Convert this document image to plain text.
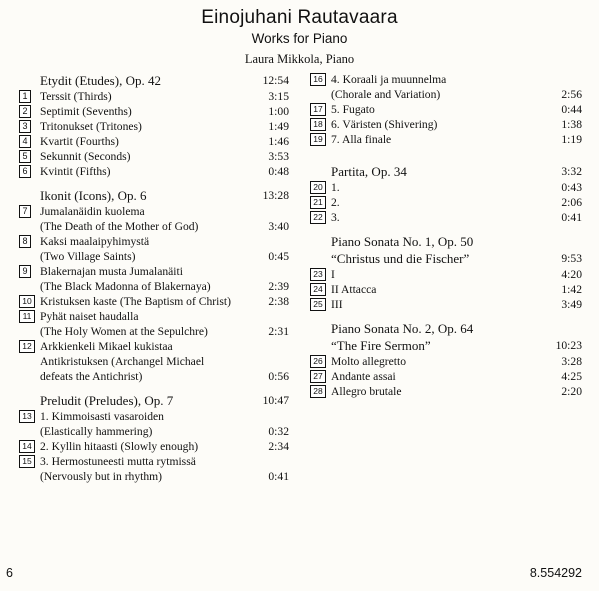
Einojuhani Rautavaara
Works for Piano
Laura Mikkola, Piano
Etydit (Etudes), Op. 42	12:54
1	Terssit (Thirds)	3:15
2	Septimit (Sevenths)	1:00
3	Tritonukset (Tritones)	1:49
4	Kvartit (Fourths)	1:46
5	Sekunnit (Seconds)	3:53
6	Kvintit (Fifths)	0:48
Ikonit (Icons), Op. 6	13:28
7	Jumalanäidin kuolema
(The Death of the Mother of God)	3:40
8	Kaksi maalaipyhimystä
(Two Village Saints)	0:45
9	Blakernajan musta Jumalanäiti
(The Black Madonna of Blakernaya)	2:39
10 Kristuksen kaste (The Baptism of Christ)	2:38
11 Pyhät naiset haudalla
(The Holy Women at the Sepulchre)	2:31
12 Arkkienkeli Mikael kukistaa
Antikristuksen (Archangel Michael
defeats the Antichrist)	0:56
Preludit (Preludes), Op. 7	10:47
13 1. Kimmoisasti vasaroiden
(Elastically hammering)	0:32
14 2. Kyllin hitaasti (Slowly enough)	2:34
15 3. Hermostuneesti mutta rytmissä
(Nervously but in rhythm)	0:41
16 4. Koraali ja muunnelma
(Chorale and Variation)	2:56
17 5. Fugato	0:44
18 6. Väristen (Shivering)	1:38
19 7. Alla finale	1:19
Partita, Op. 34	3:32
20 1.	0:43
21 2.	2:06
22 3.	0:41
Piano Sonata No. 1, Op. 50
“Christus und die Fischer”	9:53
23 I	4:20
24 II Attacca	1:42
25 III	3:49
Piano Sonata No. 2, Op. 64
“The Fire Sermon”	10:23
26 Molto allegretto	3:28
27 Andante assai	4:25
28 Allegro brutale	2:20
6	8.554292
